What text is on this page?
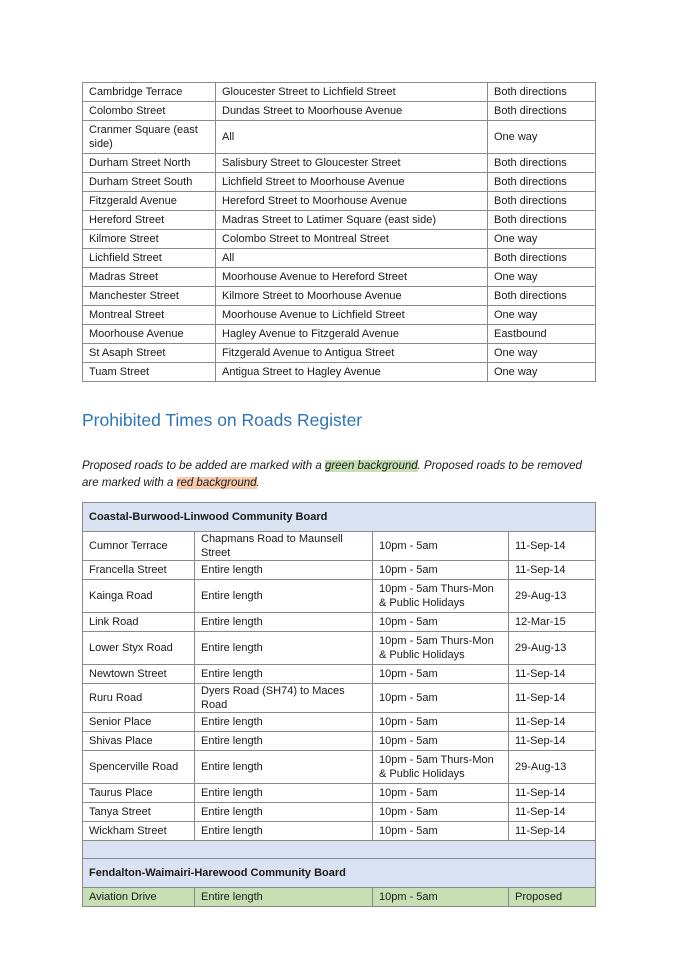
Cambridge Terrace	Gloucester Street to Lichfield Street	Both directions
Colombo Street	Dundas Street to Moorhouse Avenue	Both directions
Cranmer Square (east side)	All	One way
Durham Street North	Salisbury Street to Gloucester Street	Both directions
Durham Street South	Lichfield Street to Moorhouse Avenue	Both directions
Fitzgerald Avenue	Hereford Street to Moorhouse Avenue	Both directions
Hereford Street	Madras Street to Latimer Square (east side)	Both directions
Kilmore Street	Colombo Street to Montreal Street	One way
Lichfield Street	All	Both directions
Madras Street	Moorhouse Avenue to Hereford Street	One way
Manchester Street	Kilmore Street to Moorhouse Avenue	Both directions
Montreal Street	Moorhouse Avenue to Lichfield Street	One way
Moorhouse Avenue	Hagley Avenue to Fitzgerald Avenue	Eastbound
St Asaph Street	Fitzgerald Avenue to Antigua Street	One way
Tuam Street	Antigua Street to Hagley Avenue	One way
Prohibited Times on Roads Register

Proposed roads to be added are marked with a green background. Proposed roads to be removed are marked with a red background.

Coastal-Burwood-Linwood Community Board			
Cumnor Terrace	Chapmans Road to Maunsell Street	10pm - 5am	11-Sep-14
Francella Street	Entire length	10pm - 5am	11-Sep-14
Kainga Road	Entire length	10pm - 5am Thurs-Mon & Public Holidays	29-Aug-13
Link Road	Entire length	10pm - 5am	12-Mar-15
Lower Styx Road	Entire length	10pm - 5am Thurs-Mon & Public Holidays	29-Aug-13
Newtown Street	Entire length	10pm - 5am	11-Sep-14
Ruru Road	Dyers Road (SH74) to Maces Road	10pm - 5am	11-Sep-14
Senior Place	Entire length	10pm - 5am	11-Sep-14
Shivas Place	Entire length	10pm - 5am	11-Sep-14
Spencerville Road	Entire length	10pm - 5am Thurs-Mon & Public Holidays	29-Aug-13
Taurus Place	Entire length	10pm - 5am	11-Sep-14
Tanya Street	Entire length	10pm - 5am	11-Sep-14
Wickham Street	Entire length	10pm - 5am	11-Sep-14

Fendalton-Waimairi-Harewood Community Board			
Aviation Drive	Entire length	10pm - 5am	Proposed
